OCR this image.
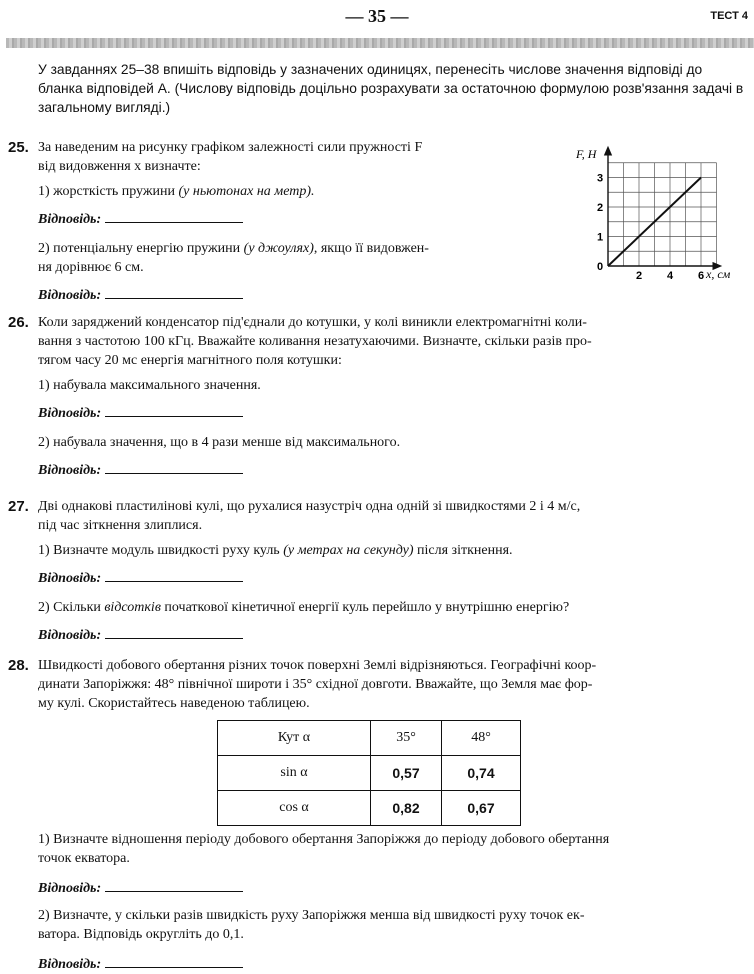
— 35 —	ТЕСТ 4
У завданнях 25–38 впишіть відповідь у зазначених одиницях, перенесіть числове значення відповіді до бланка відповідей А. (Числову відповідь доцільно розрахувати за остаточною формулою розв'язання задачі в загальному вигляді.)
25. За наведеним на рисунку графіком залежності сили пружності F

від видовження x визначте:

1) жорсткість пружини (у ньютонах на метр).

Відповідь:

2) потенціальну енергію пружини (у джоулях), якщо її видовжен-

ня дорівнює 6 см.

Відповідь:
F, Н
x, см
0
1
2
3
2 4 6
26. Коли заряджений конденсатор під'єднали до котушки, у колі виникли електромагнітні коли-

вання з частотою 100 кГц. Вважайте коливання незатухаючими. Визначте, скільки разів про-

тягом часу 20 мс енергія магнітного поля котушки:

1) набувала максимального значення.

Відповідь:

2) набувала значення, що в 4 рази менше від максимального.

Відповідь:
27. Дві однакові пластилінові кулі, що рухалися назустріч одна одній зі швидкостями 2 і 4 м/с,

під час зіткнення злиплися.

1) Визначте модуль швидкості руху куль (у метрах на секунду) після зіткнення.

Відповідь:

2) Скільки відсотків початкової кінетичної енергії куль перейшло у внутрішню енергію?

Відповідь:
28. Швидкості добового обертання різних точок поверхні Землі відрізняються. Географічні коор-

динати Запоріжжя: 48° північної широти і 35° східної довготи. Вважайте, що Земля має фор-

му кулі. Скористайтесь наведеною таблицею.

Кут α	35°	48°
sin α	0,57	0,74
cos α	0,82	0,67

1) Визначте відношення періоду добового обертання Запоріжжя до періоду добового обертання

точок екватора.

Відповідь:

2) Визначте, у скільки разів швидкість руху Запоріжжя менша від швидкості руху точок ек-

ватора. Відповідь округліть до 0,1.

Відповідь:
